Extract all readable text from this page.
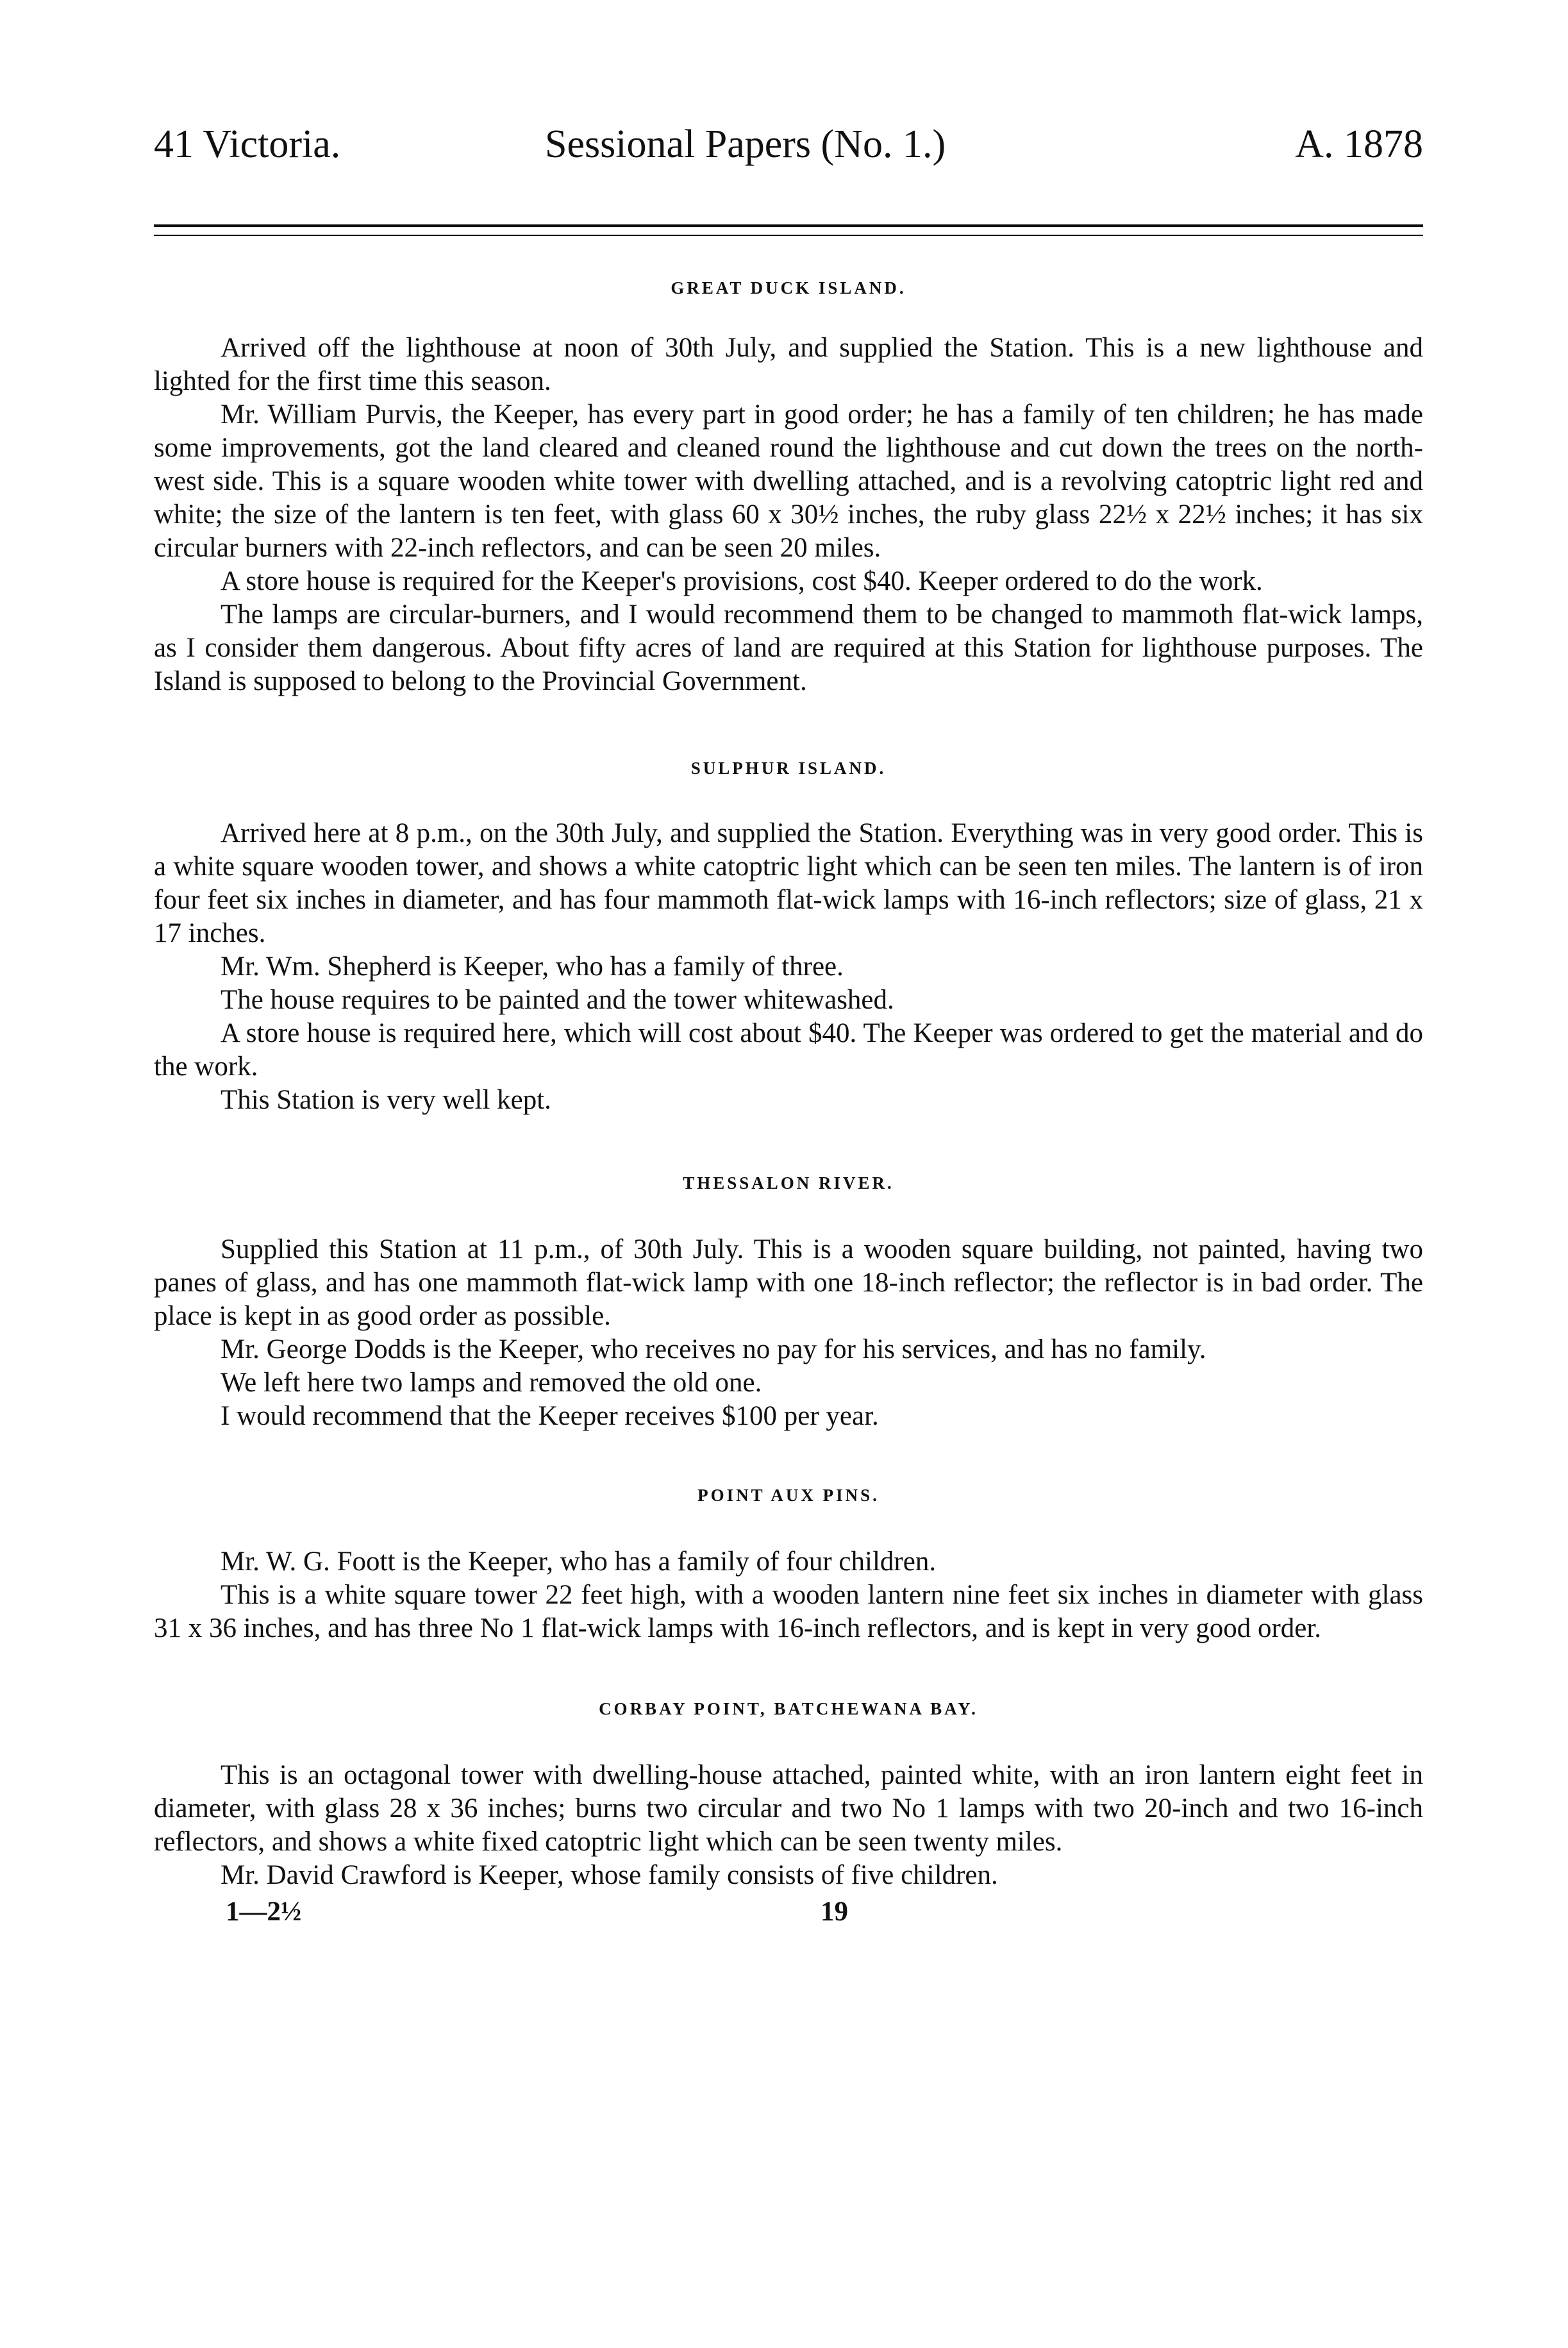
41 Victoria.	Sessional Papers (No. 1.)	A. 1878
GREAT DUCK ISLAND.

Arrived off the lighthouse at noon of 30th July, and supplied the Station. This is a new lighthouse and lighted for the first time this season.

Mr. William Purvis, the Keeper, has every part in good order; he has a family of ten children; he has made some improvements, got the land cleared and cleaned round the lighthouse and cut down the trees on the north-west side. This is a square wooden white tower with dwelling attached, and is a revolving catoptric light red and white; the size of the lantern is ten feet, with glass 60 x 30½ inches, the ruby glass 22½ x 22½ inches; it has six circular burners with 22-inch reflectors, and can be seen 20 miles.

A store house is required for the Keeper's provisions, cost $40. Keeper ordered to do the work.

The lamps are circular-burners, and I would recommend them to be changed to mammoth flat-wick lamps, as I consider them dangerous. About fifty acres of land are required at this Station for lighthouse purposes. The Island is supposed to belong to the Provincial Government.

SULPHUR ISLAND.

Arrived here at 8 p.m., on the 30th July, and supplied the Station. Everything was in very good order. This is a white square wooden tower, and shows a white catoptric light which can be seen ten miles. The lantern is of iron four feet six inches in diameter, and has four mammoth flat-wick lamps with 16-inch reflectors; size of glass, 21 x 17 inches.

Mr. Wm. Shepherd is Keeper, who has a family of three.

The house requires to be painted and the tower whitewashed.

A store house is required here, which will cost about $40. The Keeper was ordered to get the material and do the work.

This Station is very well kept.

THESSALON RIVER.

Supplied this Station at 11 p.m., of 30th July. This is a wooden square building, not painted, having two panes of glass, and has one mammoth flat-wick lamp with one 18-inch reflector; the reflector is in bad order. The place is kept in as good order as possible.

Mr. George Dodds is the Keeper, who receives no pay for his services, and has no family.

We left here two lamps and removed the old one.

I would recommend that the Keeper receives $100 per year.

POINT AUX PINS.

Mr. W. G. Foott is the Keeper, who has a family of four children.

This is a white square tower 22 feet high, with a wooden lantern nine feet six inches in diameter with glass 31 x 36 inches, and has three No 1 flat-wick lamps with 16-inch reflectors, and is kept in very good order.

CORBAY POINT, BATCHEWANA BAY.

This is an octagonal tower with dwelling-house attached, painted white, with an iron lantern eight feet in diameter, with glass 28 x 36 inches; burns two circular and two No 1 lamps with two 20-inch and two 16-inch reflectors, and shows a white fixed catoptric light which can be seen twenty miles.

Mr. David Crawford is Keeper, whose family consists of five children.

1—2½	19
